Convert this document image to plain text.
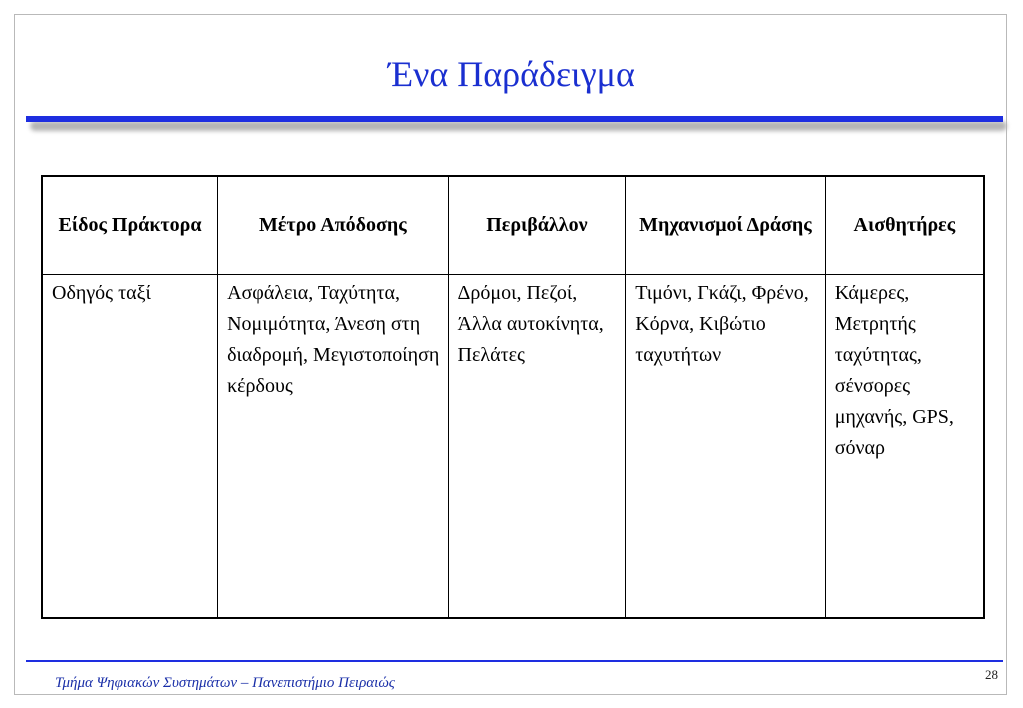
Ένα Παράδειγμα
Είδος Πράκτορα	Μέτρο Απόδοσης	Περιβάλλον	Μηχανισμοί Δράσης	Αισθητήρες
Οδηγός ταξί	Ασφάλεια, Ταχύτητα, Νομιμότητα, Άνεση στη διαδρομή, Μεγιστοποίηση κέρδους	Δρόμοι, Πεζοί, Άλλα αυτοκίνητα, Πελάτες	Τιμόνι, Γκάζι, Φρένο, Κόρνα, Κιβώτιο ταχυτήτων	Κάμερες, Μετρητής ταχύτητας, σένσορες μηχανής, GPS, σόναρ
Τμήμα Ψηφιακών Συστημάτων – Πανεπιστήμιο Πειραιώς
28
